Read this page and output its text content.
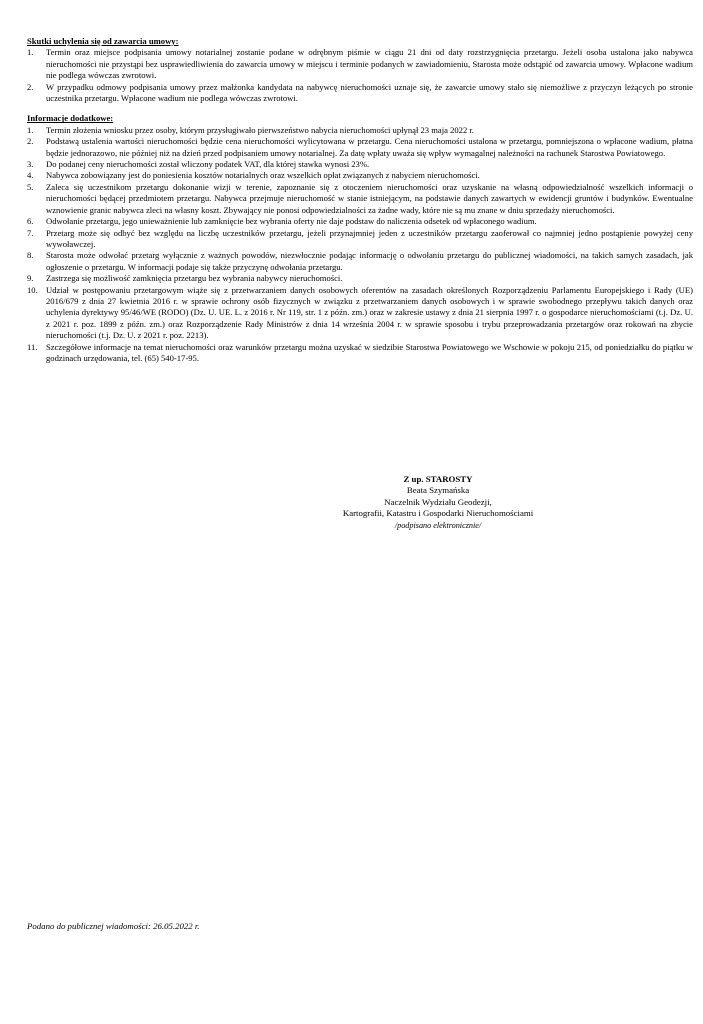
Skutki uchylenia się od zawarcia umowy:

1.	Termin oraz miejsce podpisania umowy notarialnej zostanie podane w odrębnym piśmie w ciągu 21 dni od daty rozstrzygnięcia przetargu. Jeżeli osoba ustalona jako nabywca nieruchomości nie przystąpi bez usprawiedliwienia do zawarcia umowy w miejscu i terminie podanych w zawiadomieniu, Starosta może odstąpić od zawarcia umowy. Wpłacone wadium nie podlega wówczas zwrotowi.
2.	W przypadku odmowy podpisania umowy przez małżonka kandydata na nabywcę nieruchomości uznaje się, że zawarcie umowy stało się niemożliwe z przyczyn leżących po stronie uczestnika przetargu. Wpłacone wadium nie podlega wówczas zwrotowi.

Informacje dodatkowe:

1.	Termin złożenia wniosku przez osoby, którym przysługiwało pierwszeństwo nabycia nieruchomości upłynął 23 maja 2022 r.
2.	Podstawą ustalenia wartości nieruchomości będzie cena nieruchomości wylicytowana w przetargu. Cena nieruchomości ustalona w przetargu, pomniejszona o wpłacone wadium, płatna będzie jednorazowo, nie później niż na dzień przed podpisaniem umowy notarialnej. Za datę wpłaty uważa się wpływ wymagalnej należności na rachunek Starostwa Powiatowego.
3.	Do podanej ceny nieruchomości został wliczony podatek VAT, dla której stawka wynosi 23%.
4.	Nabywca zobowiązany jest do poniesienia kosztów notarialnych oraz wszelkich opłat związanych z nabyciem nieruchomości.
5.	Zaleca się uczestnikom przetargu dokonanie wizji w terenie, zapoznanie się z otoczeniem nieruchomości oraz uzyskanie na własną odpowiedzialność wszelkich informacji o nieruchomości będącej przedmiotem przetargu. Nabywca przejmuje nieruchomość w stanie istniejącym, na podstawie danych zawartych w ewidencji gruntów i budynków. Ewentualne wznowienie granic nabywca zleci na własny koszt. Zbywający nie ponosi odpowiedzialności za żadne wady, które nie są mu znane w dniu sprzedaży nieruchomości.
6.	Odwołanie przetargu, jego unieważnienie lub zamknięcie bez wybrania oferty nie daje podstaw do naliczenia odsetek od wpłaconego wadium.
7.	Przetarg może się odbyć bez względu na liczbę uczestników przetargu, jeżeli przynajmniej jeden z uczestników przetargu zaoferował co najmniej jedno postąpienie powyżej ceny wywoławczej.
8.	Starosta może odwołać przetarg wyłącznie z ważnych powodów, niezwłocznie podając informację o odwołaniu przetargu do publicznej wiadomości, na takich samych zasadach, jak ogłoszenie o przetargu. W informacji podaje się także przyczynę odwołania przetargu.
9.	Zastrzega się możliwość zamknięcia przetargu bez wybrania nabywcy nieruchomości.
10. Udział w postępowaniu przetargowym wiąże się z przetwarzaniem danych osobowych oferentów na zasadach określonych Rozporządzeniu Parlamentu Europejskiego i Rady (UE) 2016/679 z dnia 27 kwietnia 2016 r. w sprawie ochrony osób fizycznych w związku z przetwarzaniem danych osobowych i w sprawie swobodnego przepływu takich danych oraz uchylenia dyrektywy 95/46/WE (RODO) (Dz. U. UE. L. z 2016 r. Nr 119, str. 1 z późn. zm.) oraz w zakresie ustawy z dnia 21 sierpnia 1997 r. o gospodarce nieruchomościami (t.j. Dz. U. z 2021 r. poz. 1899 z późn. zm.) oraz Rozporządzenie Rady Ministrów z dnia 14 września 2004 r. w sprawie sposobu i trybu przeprowadzania przetargów oraz rokowań na zbycie nieruchomości (t.j. Dz. U. z 2021 r. poz. 2213).
11. Szczegółowe informacje na temat nieruchomości oraz warunków przetargu można uzyskać w siedzibie Starostwa Powiatowego we Wschowie w pokoju 215, od poniedziałku do piątku w godzinach urzędowania, tel. (65) 540-17-95.
Z up. STAROSTY
Beata Szymańska
Naczelnik Wydziału Geodezji,
Kartografii, Katastru i Gospodarki Nieruchomościami
/podpisano elektronicznie/
Podano do publicznej wiadomości: 26.05.2022 r.
